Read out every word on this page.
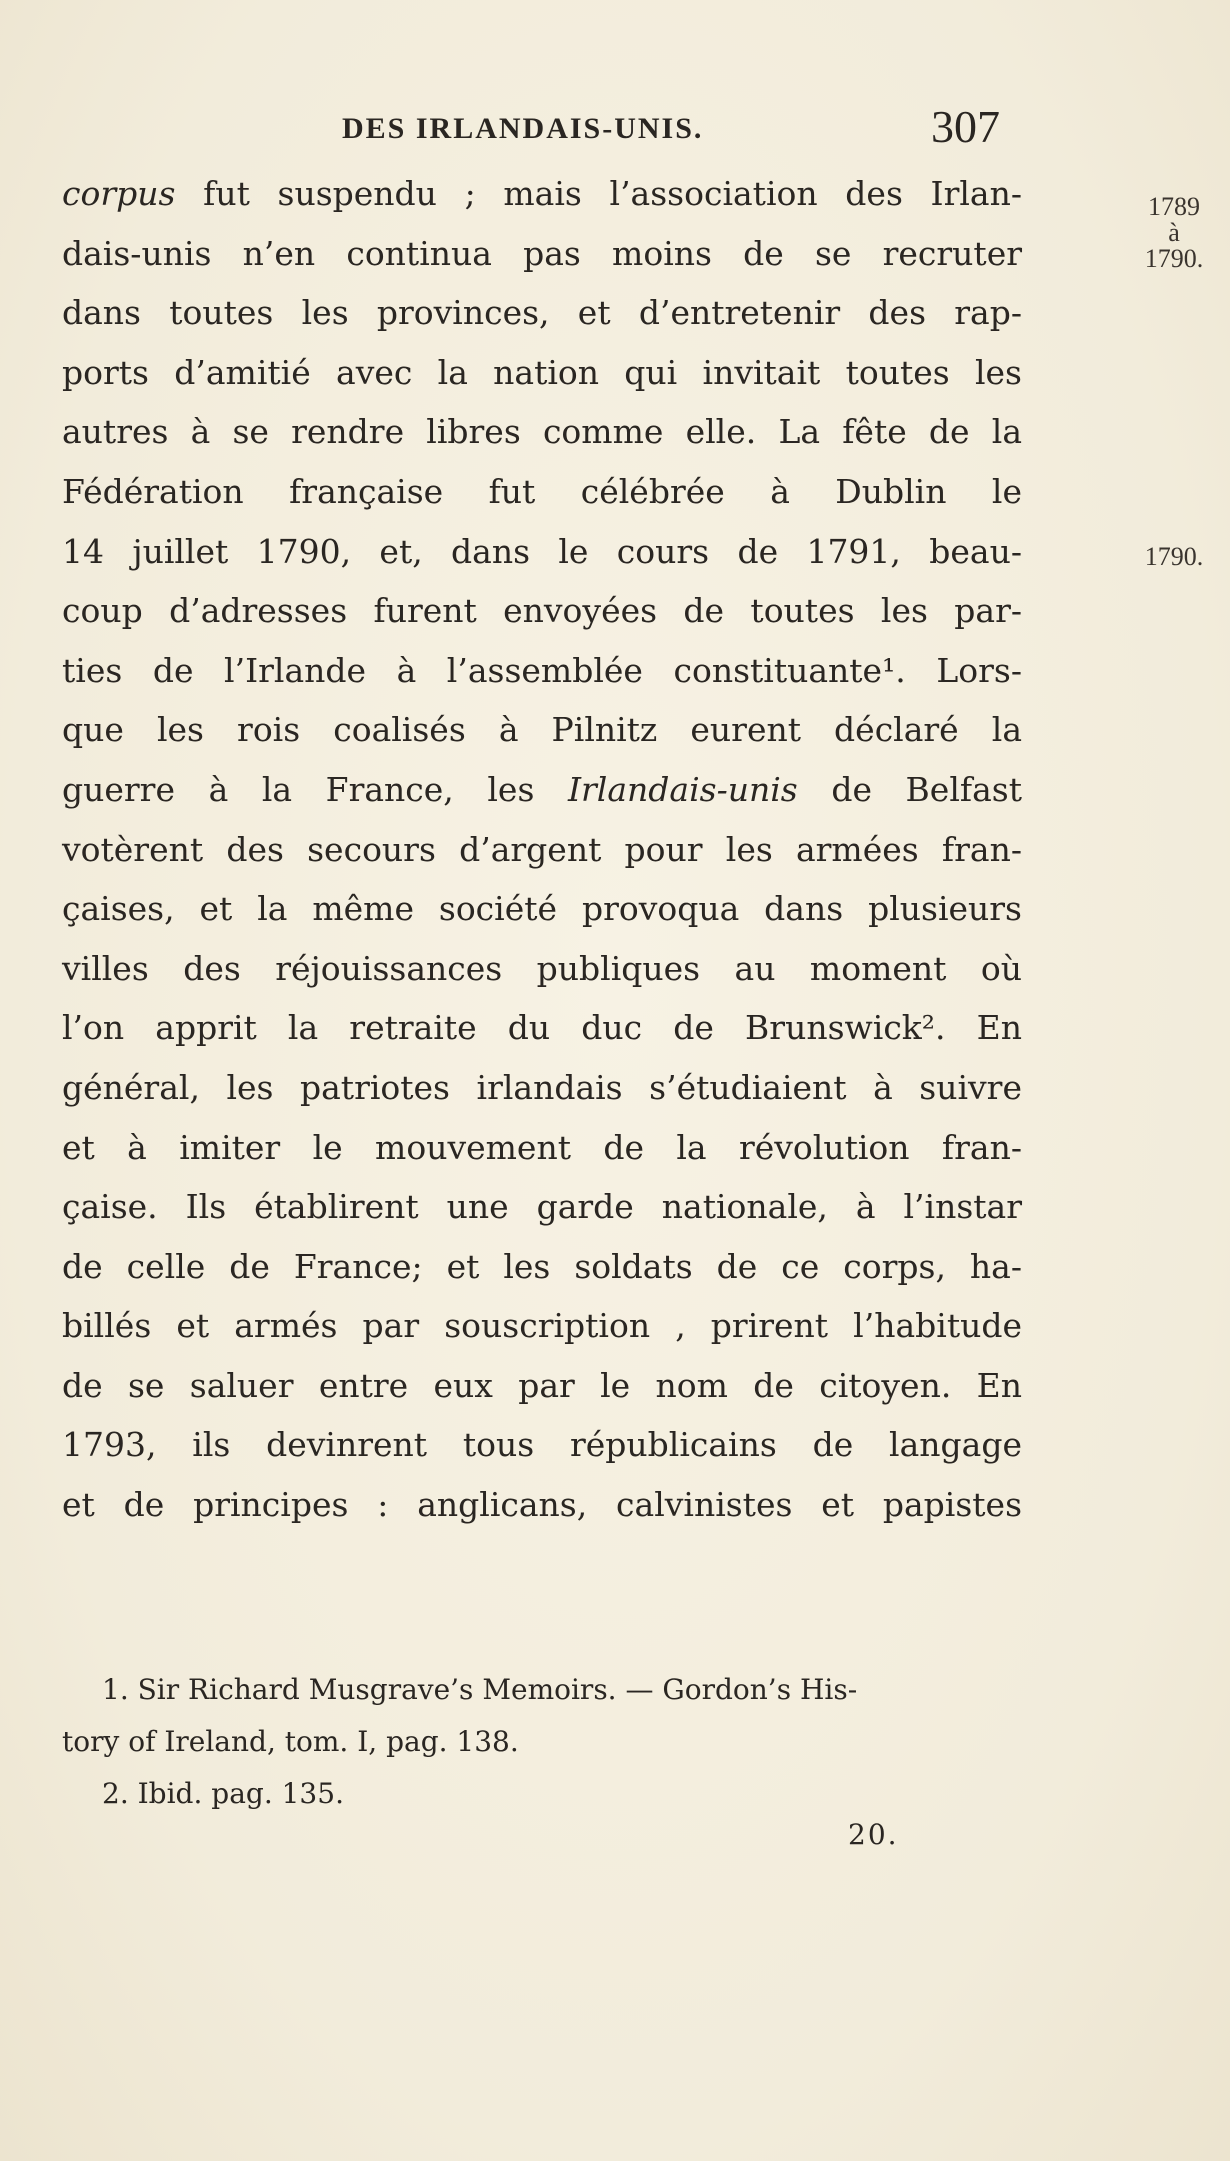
DES IRLANDAIS-UNIS.	307
1789
à
1790.
1790.
corpus fut suspendu ; mais l’association des Irlan-
dais-unis n’en continua pas moins de se recruter
dans toutes les provinces, et d’entretenir des rap-
ports d’amitié avec la nation qui invitait toutes les
autres à se rendre libres comme elle. La fête de la
Fédération française fut célébrée à Dublin le
14 juillet 1790, et, dans le cours de 1791, beau-
coup d’adresses furent envoyées de toutes les par-
ties de l’Irlande à l’assemblée constituante¹. Lors-
que les rois coalisés à Pilnitz eurent déclaré la
guerre à la France, les Irlandais-unis de Belfast
votèrent des secours d’argent pour les armées fran-
çaises, et la même société provoqua dans plusieurs
villes des réjouissances publiques au moment où
l’on apprit la retraite du duc de Brunswick². En
général, les patriotes irlandais s’étudiaient à suivre
et à imiter le mouvement de la révolution fran-
çaise. Ils établirent une garde nationale, à l’instar
de celle de France; et les soldats de ce corps, ha-
billés et armés par souscription , prirent l’habitude
de se saluer entre eux par le nom de citoyen. En
1793, ils devinrent tous républicains de langage
et de principes : anglicans, calvinistes et papistes
1. Sir Richard Musgrave’s Memoirs. — Gordon’s His-
tory of Ireland, tom. I, pag. 138.
2. Ibid. pag. 135.
20.
